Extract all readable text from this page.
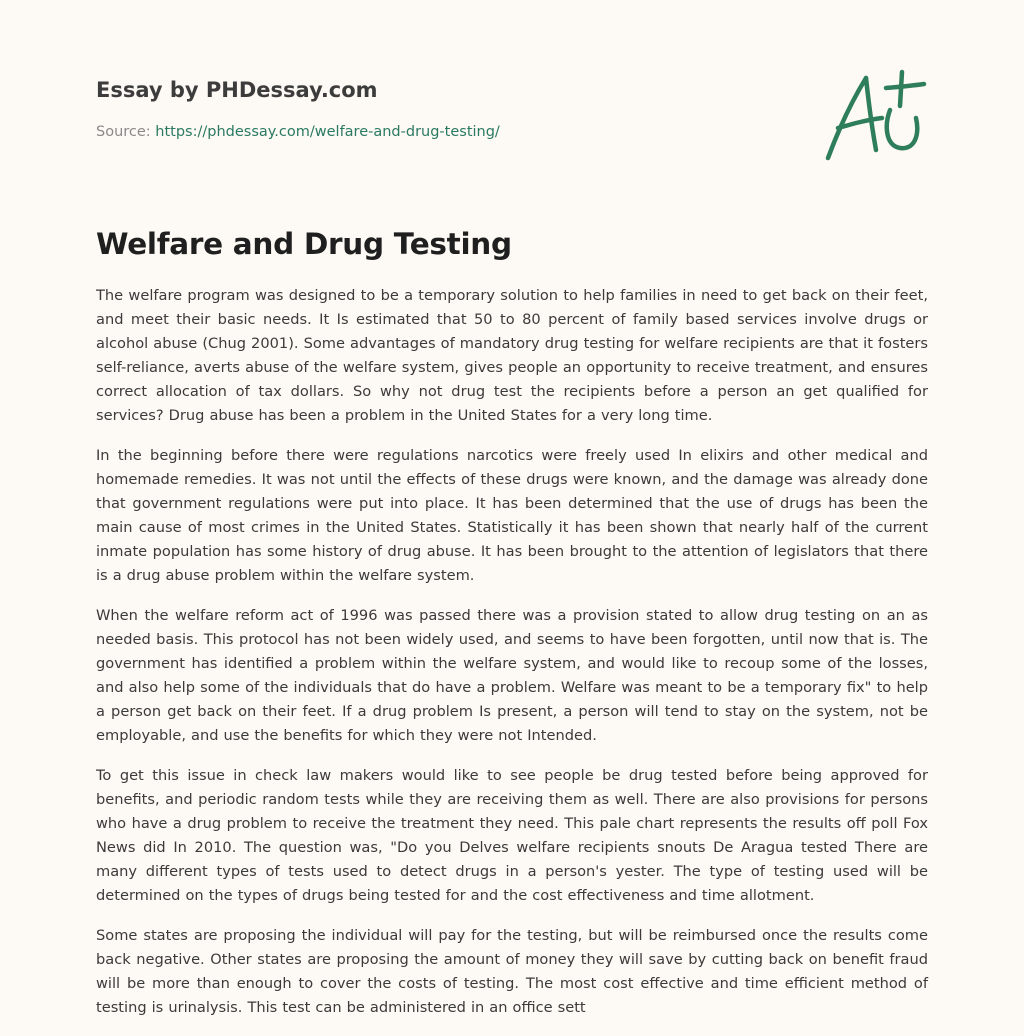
Essay by PHDessay.com
Source: https://phdessay.com/welfare-and-drug-testing/
Welfare and Drug Testing

The welfare program was designed to be a temporary solution to help families in need to get back on their feet, and meet their basic needs. It Is estimated that 50 to 80 percent of family based services involve drugs or alcohol abuse (Chug 2001). Some advantages of mandatory drug testing for welfare recipients are that it fosters self-reliance, averts abuse of the welfare system, gives people an opportunity to receive treatment, and ensures correct allocation of tax dollars. So why not drug test the recipients before a person an get qualified for services? Drug abuse has been a problem in the United States for a very long time.

In the beginning before there were regulations narcotics were freely used In elixirs and other medical and homemade remedies. It was not until the effects of these drugs were known, and the damage was already done that government regulations were put into place. It has been determined that the use of drugs has been the main cause of most crimes in the United States. Statistically it has been shown that nearly half of the current inmate population has some history of drug abuse. It has been brought to the attention of legislators that there is a drug abuse problem within the welfare system.

When the welfare reform act of 1996 was passed there was a provision stated to allow drug testing on an as needed basis. This protocol has not been widely used, and seems to have been forgotten, until now that is. The government has identified a problem within the welfare system, and would like to recoup some of the losses, and also help some of the individuals that do have a problem. Welfare was meant to be a temporary fix" to help a person get back on their feet. If a drug problem Is present, a person will tend to stay on the system, not be employable, and use the benefits for which they were not Intended.

To get this issue in check law makers would like to see people be drug tested before being approved for benefits, and periodic random tests while they are receiving them as well. There are also provisions for persons who have a drug problem to receive the treatment they need. This pale chart represents the results off poll Fox News did In 2010. The question was, "Do you Delves welfare recipients snouts De Aragua tested There are many different types of tests used to detect drugs in a person's yester. The type of testing used will be determined on the types of drugs being tested for and the cost effectiveness and time allotment.

Some states are proposing the individual will pay for the testing, but will be reimbursed once the results come back negative. Other states are proposing the amount of money they will save by cutting back on benefit fraud will be more than enough to cover the costs of testing. The most cost effective and time efficient method of testing is urinalysis. This test can be administered in an office sett
